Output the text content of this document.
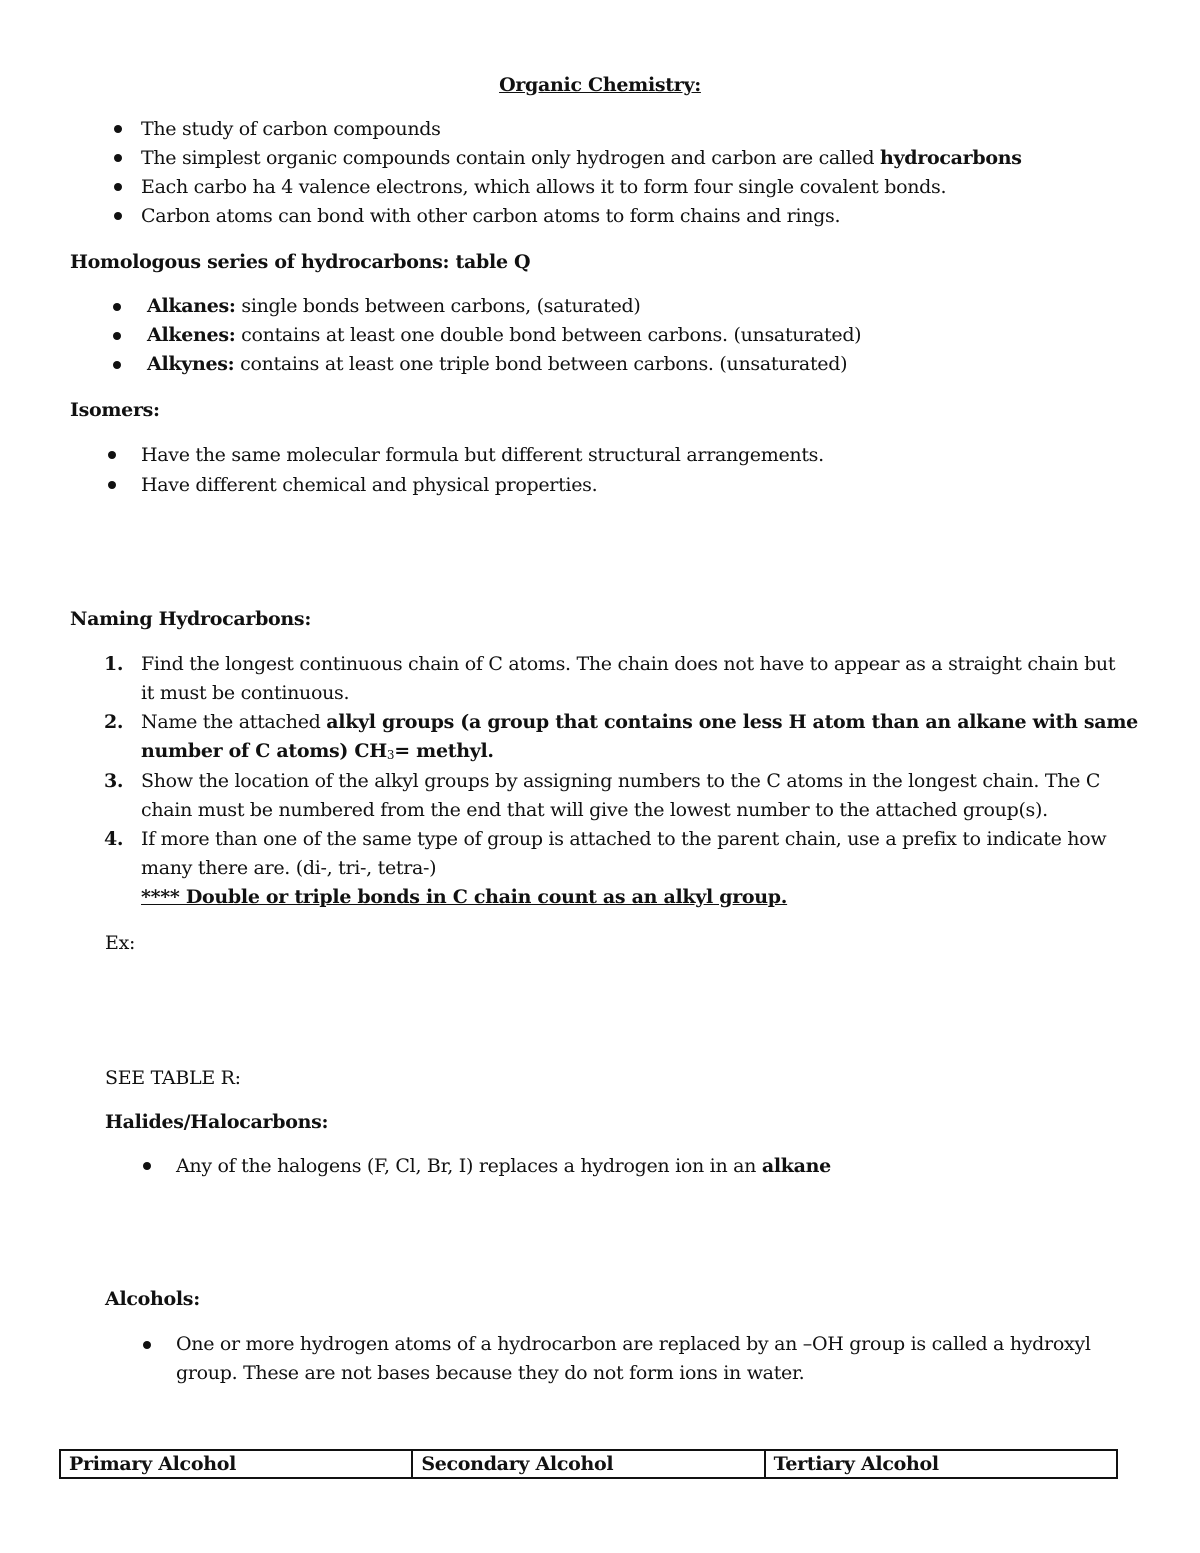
Organic Chemistry:
The study of carbon compounds
The simplest organic compounds contain only hydrogen and carbon are called hydrocarbons
Each carbo ha 4 valence electrons, which allows it to form four single covalent bonds.
Carbon atoms can bond with other carbon atoms to form chains and rings.
Homologous series of hydrocarbons: table Q
Alkanes: single bonds between carbons, (saturated)
Alkenes: contains at least one double bond between carbons. (unsaturated)
Alkynes: contains at least one triple bond between carbons. (unsaturated)
Isomers:
Have the same molecular formula but different structural arrangements.
Have different chemical and physical properties.
Naming Hydrocarbons:
1. Find the longest continuous chain of C atoms. The chain does not have to appear as a straight chain but
it must be continuous.
2. Name the attached alkyl groups (a group that contains one less H atom than an alkane with same
number of C atoms) $CH_3=$ methyl.
3. Show the location of the alkyl groups by assigning numbers to the C atoms in the longest chain. The C
chain must be numbered from the end that will give the lowest number to the attached group(s).
4. If more than one of the same type of group is attached to the parent chain, use a prefix to indicate how
many there are. (di-, tri-, tetra-)
**** Double or triple bonds in C chain count as an alkyl group.
Ex:
SEE TABLE R:
Halides/Halocarbons:
Any of the halogens (F, Cl, Br, I) replaces a hydrogen ion in an alkane
Alcohols:
One or more hydrogen atoms of a hydrocarbon are replaced by an –OH group is called a hydroxyl
group. These are not bases because they do not form ions in water.
Primary Alcohol	Secondary Alcohol	Tertiary Alcohol
